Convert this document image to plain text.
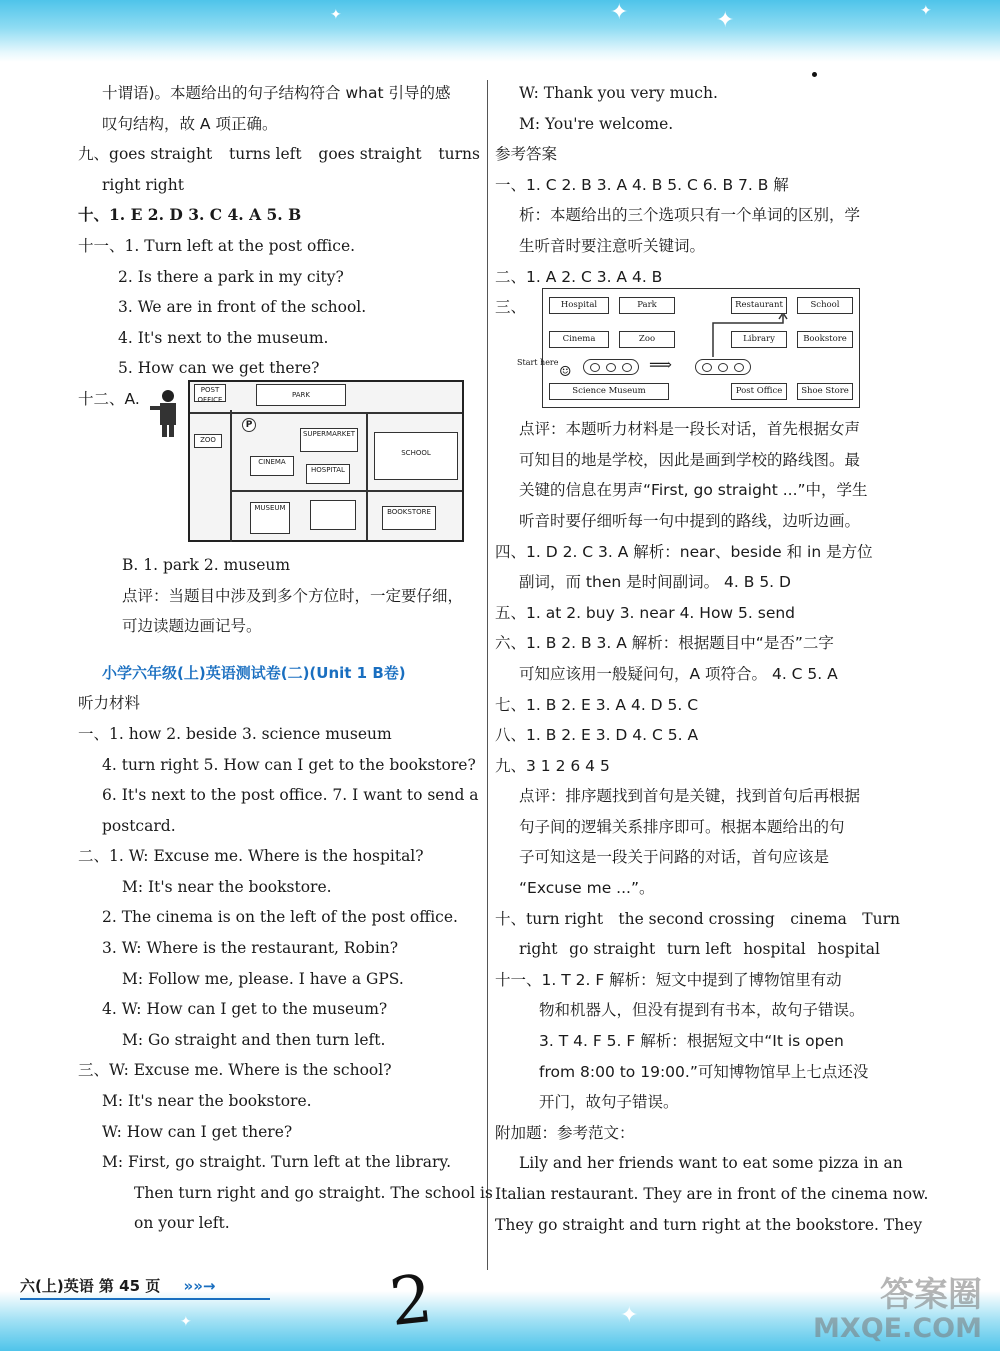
✦	✦
✦	✦
十谓语)。本题给出的句子结构符合 what 引导的感
叹句结构，故 A 项正确。
九、 goes straight turns left goes straight turns
right right
十、1. E 2. D 3. C 4. A 5. B
十一、1. Turn left at the post office.
2. Is there a park in my city?
3. We are in front of the school.
4. It's next to the museum.
5. How can we get there?
十二、A.	POST OFFICE
PARK
ZOO
SUPERMARKET
CINEMA
HOSPITAL
SCHOOL
MUSEUM	BOOKSTORE
P
B. 1. park 2. museum
点评：当题目中涉及到多个方位时，一定要仔细，
可边读题边画记号。
小学六年级(上)英语测试卷(二)(Unit 1 B卷)
听力材料
一、1. how 2. beside 3. science museum
4. turn right 5. How can I get to the bookstore?
6. It's next to the post office. 7. I want to send a
postcard.
二、1. W: Excuse me. Where is the hospital?
M: It's near the bookstore.
2. The cinema is on the left of the post office.
3. W: Where is the restaurant, Robin?
M: Follow me, please. I have a GPS.
4. W: How can I get to the museum?
M: Go straight and then turn left.
三、W: Excuse me. Where is the school?
M: It's near the bookstore.
W: How can I get there?
M: First, go straight. Turn left at the library.
Then turn right and go straight. The school is
on your left.
W: Thank you very much.
M: You're welcome.
参考答案
一、1. C 2. B 3. A 4. B 5. C 6. B 7. B 解
析：本题给出的三个选项只有一个单词的区别，学
生听音时要注意听关键词。
二、1. A 2. C 3. A 4. B
三、	Hospital	Park	Restaurant	School
Cinema	Zoo	Library	Bookstore
Science Museum	Post Office	Shoe Store
⟹
Start here
☺
点评：本题听力材料是一段长对话，首先根据女声
可知目的地是学校，因此是画到学校的路线图。最
关键的信息在男声“First, go straight ...”中，学生
听音时要仔细听每一句中提到的路线，边听边画。
四、1. D 2. C 3. A 解析：near、beside 和 in 是方位
副词，而 then 是时间副词。 4. B 5. D
五、1. at 2. buy 3. near 4. How 5. send
六、1. B 2. B 3. A 解析：根据题目中“是否”二字
可知应该用一般疑问句，A 项符合。 4. C 5. A
七、1. B 2. E 3. A 4. D 5. C
八、1. B 2. E 3. D 4. C 5. A
九、3 1 2 6 4 5
点评：排序题找到首句是关键，找到首句后再根据
句子间的逻辑关系排序即可。根据本题给出的句
子可知这是一段关于问路的对话，首句应该是
“Excuse me ...”。
十、 turn right the second crossing cinema Turn
right go straight turn left hospital hospital
十一、1. T 2. F 解析：短文中提到了博物馆里有动
物和机器人，但没有提到有书本，故句子错误。
3. T 4. F 5. F 解析：根据短文中“It is open
from 8:00 to 19:00.”可知博物馆早上七点还没
开门，故句子错误。
附加题：参考范文：
Lily and her friends want to eat some pizza in an
Italian restaurant. They are in front of the cinema now.
They go straight and turn right at the bookstore. They
✦
✦
六(上)英语 第 45 页 »»→	2	答案圈
MXQE.COM
